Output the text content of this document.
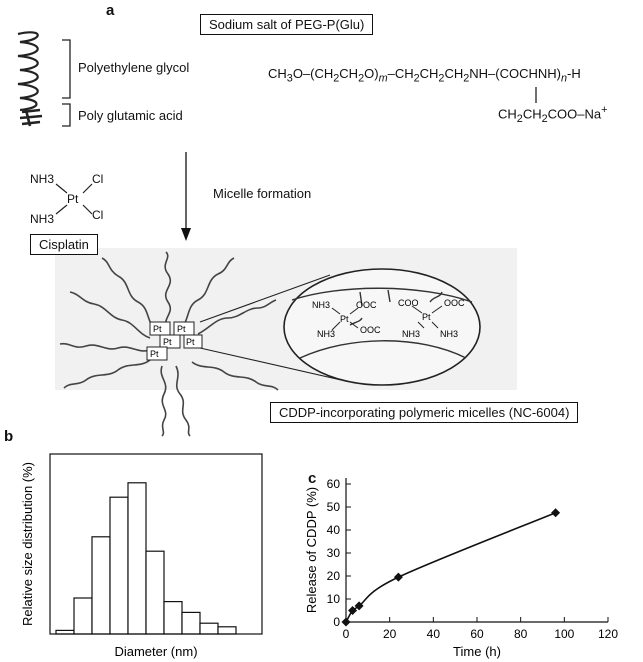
a
Sodium salt of PEG-P(Glu)
Pt Pt
Pt Pt
Pt
NH3
Pt
OOC
NH3	OOC
COO
Pt
OOC
NH3 NH3
Polyethylene glycol
Poly glutamic acid
$CH_3O-(CH_2CH_2O)_m-CH_2CH_2CH_2NH-(COCHNH)_n-H$
$CH_2CH_2COO-Na^+$
NH3	Cl
Pt
NH3	Cl
Cisplatin
Micelle formation
CDDP-incorporating polymeric micelles (NC-6004)
b
Diameter (nm)
Relative size distribution (%)	c
0
10
20
30
40
50
60
0	20	40	60	80 100 120
Time (h)
Release of CDDP (%)
